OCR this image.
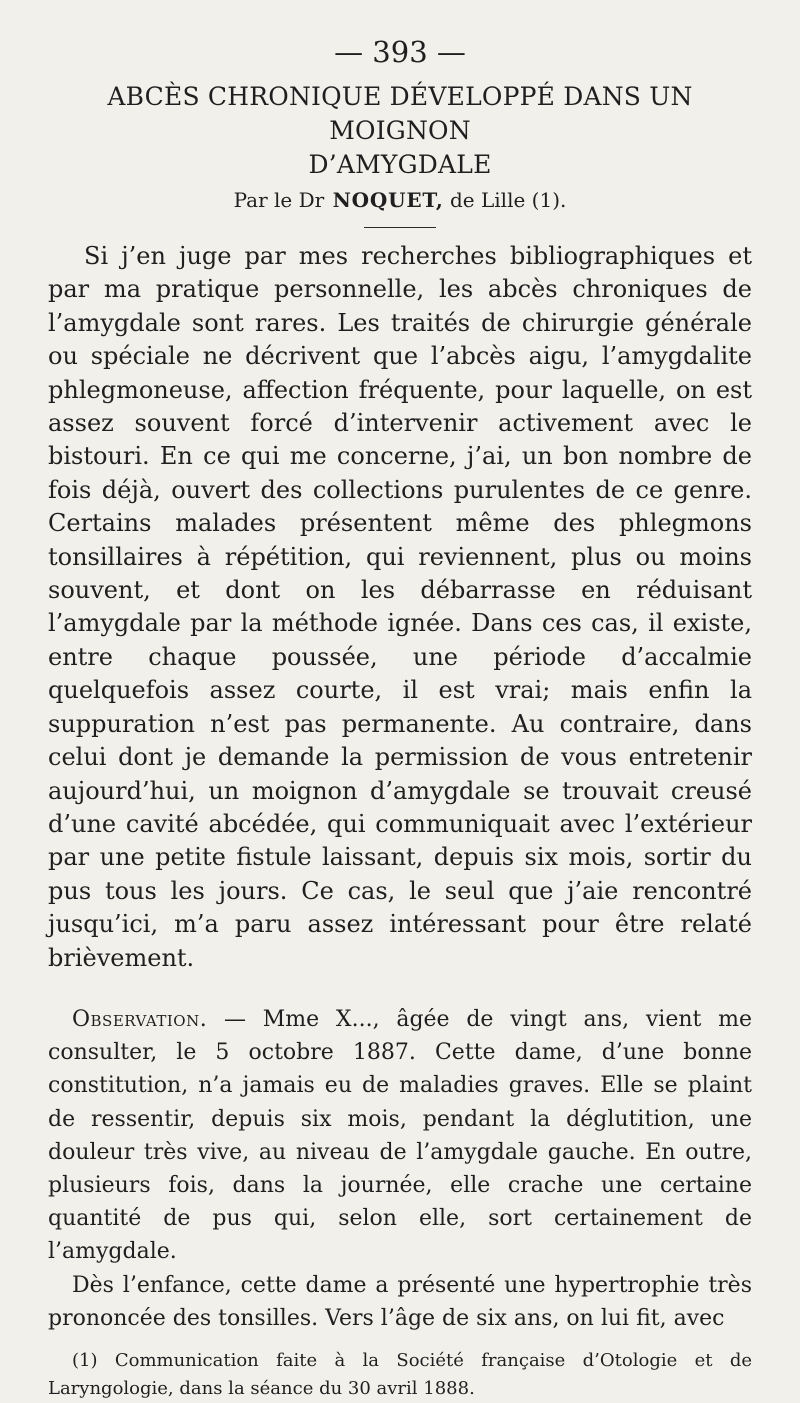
— 393 —
ABCÈS CHRONIQUE DÉVELOPPÉ DANS UN MOIGNON
D’AMYGDALE
Par le Dr NOQUET, de Lille (1).

Si j’en juge par mes recherches bibliographiques et par ma pratique personnelle, les abcès chroniques de l’amygdale sont rares. Les traités de chirurgie générale ou spéciale ne décrivent que l’abcès aigu, l’amygdalite phlegmoneuse, affection fréquente, pour laquelle, on est assez souvent forcé d’intervenir activement avec le bistouri. En ce qui me concerne, j’ai, un bon nombre de fois déjà, ouvert des collections purulentes de ce genre. Certains malades présentent même des phlegmons tonsillaires à répétition, qui reviennent, plus ou moins souvent, et dont on les débarrasse en réduisant l’amygdale par la méthode ignée. Dans ces cas, il existe, entre chaque poussée, une période d’accalmie quelquefois assez courte, il est vrai; mais enfin la suppuration n’est pas permanente. Au contraire, dans celui dont je demande la permission de vous entretenir aujourd’hui, un moignon d’amygdale se trouvait creusé d’une cavité abcédée, qui communiquait avec l’extérieur par une petite fistule laissant, depuis six mois, sortir du pus tous les jours. Ce cas, le seul que j’aie rencontré jusqu’ici, m’a paru assez intéressant pour être relaté brièvement.

Observation. — Mme X..., âgée de vingt ans, vient me consulter, le 5 octobre 1887. Cette dame, d’une bonne constitution, n’a jamais eu de maladies graves. Elle se plaint de ressentir, depuis six mois, pendant la déglutition, une douleur très vive, au niveau de l’amygdale gauche. En outre, plusieurs fois, dans la journée, elle crache une certaine quantité de pus qui, selon elle, sort certainement de l’amygdale.

Dès l’enfance, cette dame a présenté une hypertrophie très prononcée des tonsilles. Vers l’âge de six ans, on lui fit, avec

(1) Communication faite à la Société française d’Otologie et de Laryngologie, dans la séance du 30 avril 1888.
